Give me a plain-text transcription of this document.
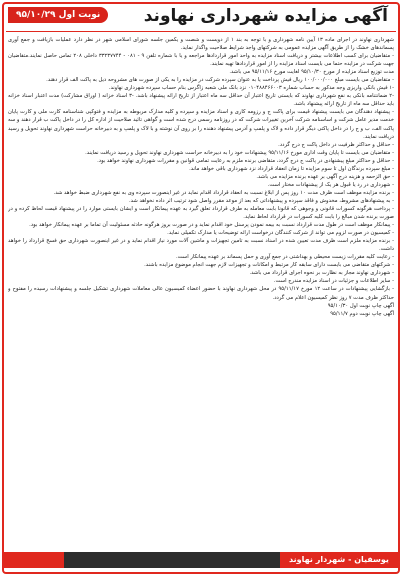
نوبت اول ۹۵/۱۰/۲۹	آگهی مزایده شهرداری نهاوند

شهرداری نهاوند در اجرای ماده ۱۳ آیین نامه شهرداری و با توجه به بند ۱ از دویست و شصت و یکمین جلسه شورای اسلامی شهر در نظر دارد عملیات بازیافت و جمع آوری پسماندهای خشک را از طریق آگهی مزایده عمومی به شرکتهای واجد شرایط صلاحیت واگذار نماید.

- متقاضیان برای کسب اطلاعات بیشتر و دریافت اسناد مزایده به واحد امور قراردادها مراجعه و یا با شماره تلفن ۹ - ۰۸۱ - ۳۳۲۳۷۷۴۴ داخلی ۲۰۸ تماس حاصل نمایند.متقاضیان جهت شرکت در مزایده حتما می بایست اسناد مزایده را از امور قراردادها تهیه نمایند.

مدت توزیع اسناد مزایده از مورخ ۹۵/۱۰/۳۰ لغایت مورخ ۹۵/۱۱/۱۶ می باشد.

- متقاضیان می بایست مبلغ ۱۰۰/۰۰۰/۰۰۰ ریال فیش پرداخت یا به عنوان سپرده شرکت در مزایده را به یکی از صورت های مشروحه ذیل به پاکت الف قرار دهند.

-۱ فیش بانکی واریزی وجه مذکور به حساب شماره ۰۱۰۴۸۸۴۶۶۰۰۳ نزد بانک ملی شعبه زاگرس بنام حساب سپرده شهرداری نهاوند.

-۲ ضمانتنامه بانکی به نفع شهرداری نهاوند که بایستی تاریخ اعتبار آن حداقل سه ماه اعتبار از تاریخ ارائه پیشنهاد باشد. -۳ اسناد خزانه ( اوراق مشارکت) مدت اعتبار اسناد خزانه باید حداقل سه ماه از تاریخ ارائه پیشنهاد باشد.

- پیشنهاد دهندگان می بایست پیشنهاد قیمت برای پاکت ج و رزومه کاری و اسناد مزایده و سپرده و کلیه مدارک مربوطه به مزایده و فتوکپی شناسنامه کارت ملی و کارت پایان خدمت مدیر عامل شرکت و اساسنامه شرکت آخرین تغییرات شرکت که در روزنامه رسمی درج شده است و گواهی تائید صلاحیت از اداره کل را در داخل پاکت ب قرار دهند و سه پاکت الف، ب و ج را در داخل پاکتی دیگر قرار داده و لاک و پلمپ و آدرس پیشنهاد دهنده را بر روی آن نوشته و با لاک و پلمپ و به دبیرخانه حراست شهرداری نهاوند تحویل و رسید دریافت نمایند.

- حداقل و حداکثر ظرفیت در داخل پاکت ج درج گردد.

- متقاضیان می بایست تا پایان وقت اداری مورخ ۹۵/۱۱/۱۶ پیشنهادات خود را به دبیرخانه حراست شهرداری نهاوند تحویل و رسید دریافت نمایند.

- حداقل و حداکثر مبلغ پیشنهادی در پاکت ج درج گردد، متقاضی برنده ملزم به رعایت تمامی قوانین و مقررات شهرداری نهاوند خواهد بود.

- مبلغ سپرده برندگان اول تا سوم مزایده تا زمان انعقاد قرارداد نزد شهرداری باقی خواهد ماند.

- حق الزحمه و هزینه درج آگهی بر عهده برنده مزایده می باشد.

- شهرداری در رد یا قبول هر یک از پیشنهادات مختار است.

- برنده مزایده موظف است ظرف مدت ۱۰ روز پس از ابلاغ نسبت به انعقاد قرارداد اقدام نماید در غیر اینصورت سپرده وی به نفع شهرداری ضبط خواهد شد.

- به پیشنهادهای مشروط، مخدوش و فاقد سپرده و پیشنهاداتی که بعد از موعد مقرر واصل شود ترتیب اثر داده نخواهد شد.

- پرداخت هرگونه کسورات قانونی و وجوهی که قانونا بابت معامله به طرف قرارداد تعلق گیرد به عهده پیمانکار است و ایشان بایستی موارد را در پیشنهاد قیمت لحاظ کرده و در صورت برنده شدن مبالغ را بابت کلیه کسورات در قرارداد لحاظ نماید.

- پیمانکار موظف است در طول مدت قرارداد نسبت به بیمه نمودن پرسنل خود اقدام نماید و در صورت بروز هرگونه حادثه مسئولیت آن تماما بر عهده پیمانکار خواهد بود.

- کمیسیون در صورت لزوم می تواند از شرکت کنندگان درخواست ارائه توضیحات یا مدارک تکمیلی نماید.

- برنده مزایده ملزم است ظرف مدت تعیین شده در اسناد نسبت به تامین تجهیزات و ماشین آلات مورد نیاز اقدام نماید و در غیر اینصورت شهرداری حق فسخ قرارداد را خواهد داشت.

- رعایت کلیه مقررات زیست محیطی و بهداشتی در جمع آوری و حمل پسماند بر عهده پیمانکار است.

- شرکتهای متقاضی می بایست دارای سابقه کار مرتبط و امکانات و تجهیزات لازم جهت انجام موضوع مزایده باشند.

- شهرداری نهاوند مجاز به نظارت بر نحوه اجرای قرارداد می باشد.

- سایر اطلاعات و جزئیات در اسناد مزایده مندرج است.

- بازگشایی پیشنهادات در ساعت ۱۲ مورخ ۹۵/۱۱/۱۷ در محل شهرداری نهاوند با حضور اعضاء کمیسیون عالی معاملات شهرداری تشکیل جلسه و پیشنهادات رسیده را مفتوح و حداکثر ظرف مدت ۷ روز نظر کمیسیون اعلام می گردد.

آگهی چاپ نوبت اول ۹۵/۱۰/۳۰

آگهی چاپ نوبت دوم ۹۵/۱۱/۷

یوسفیان - شهردار نهاوند
